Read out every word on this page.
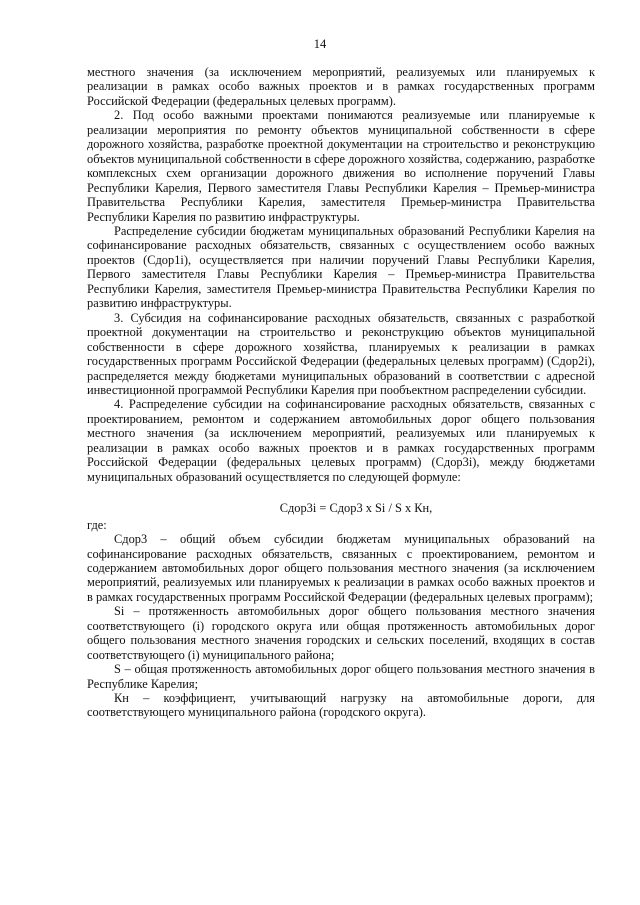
14

местного значения (за исключением мероприятий, реализуемых или планируемых к реализации в рамках особо важных проектов и в рамках государственных программ Российской Федерации (федеральных целевых программ).

2. Под особо важными проектами понимаются реализуемые или планируемые к реализации мероприятия по ремонту объектов муниципальной собственности в сфере дорожного хозяйства, разработке проектной документации на строительство и реконструкцию объектов муниципальной собственности в сфере дорожного хозяйства, содержанию, разработке комплексных схем организации дорожного движения во исполнение поручений Главы Республики Карелия, Первого заместителя Главы Республики Карелия – Премьер-министра Правительства Республики Карелия, заместителя Премьер-министра Правительства Республики Карелия по развитию инфраструктуры.

Распределение субсидии бюджетам муниципальных образований Республики Карелия на софинансирование расходных обязательств, связанных с осуществлением особо важных проектов (Сдор1i), осуществляется при наличии поручений Главы Республики Карелия, Первого заместителя Главы Республики Карелия – Премьер-министра Правительства Республики Карелия, заместителя Премьер-министра Правительства Республики Карелия по развитию инфраструктуры.

3. Субсидия на софинансирование расходных обязательств, связанных с разработкой проектной документации на строительство и реконструкцию объектов муниципальной собственности в сфере дорожного хозяйства, планируемых к реализации в рамках государственных программ Российской Федерации (федеральных целевых программ) (Сдор2i), распределяется между бюджетами муниципальных образований в соответствии с адресной инвестиционной программой Республики Карелия при пообъектном распределении субсидии.

4. Распределение субсидии на софинансирование расходных обязательств, связанных с проектированием, ремонтом и содержанием автомобильных дорог общего пользования местного значения (за исключением мероприятий, реализуемых или планируемых к реализации в рамках особо важных проектов и в рамках государственных программ Российской Федерации (федеральных целевых программ) (Сдор3i), между бюджетами муниципальных образований осуществляется по следующей формуле:

Сдор3i = Сдор3 x Si / S x Кн,

где:

Сдор3 – общий объем субсидии бюджетам муниципальных образований на софинансирование расходных обязательств, связанных с проектированием, ремонтом и содержанием автомобильных дорог общего пользования местного значения (за исключением мероприятий, реализуемых или планируемых к реализации в рамках особо важных проектов и в рамках государственных программ Российской Федерации (федеральных целевых программ);

Si – протяженность автомобильных дорог общего пользования местного значения соответствующего (i) городского округа или общая протяженность автомобильных дорог общего пользования местного значения городских и сельских поселений, входящих в состав соответствующего (i) муниципального района;

S – общая протяженность автомобильных дорог общего пользования местного значения в Республике Карелия;

Кн – коэффициент, учитывающий нагрузку на автомобильные дороги, для соответствующего муниципального района (городского округа).
